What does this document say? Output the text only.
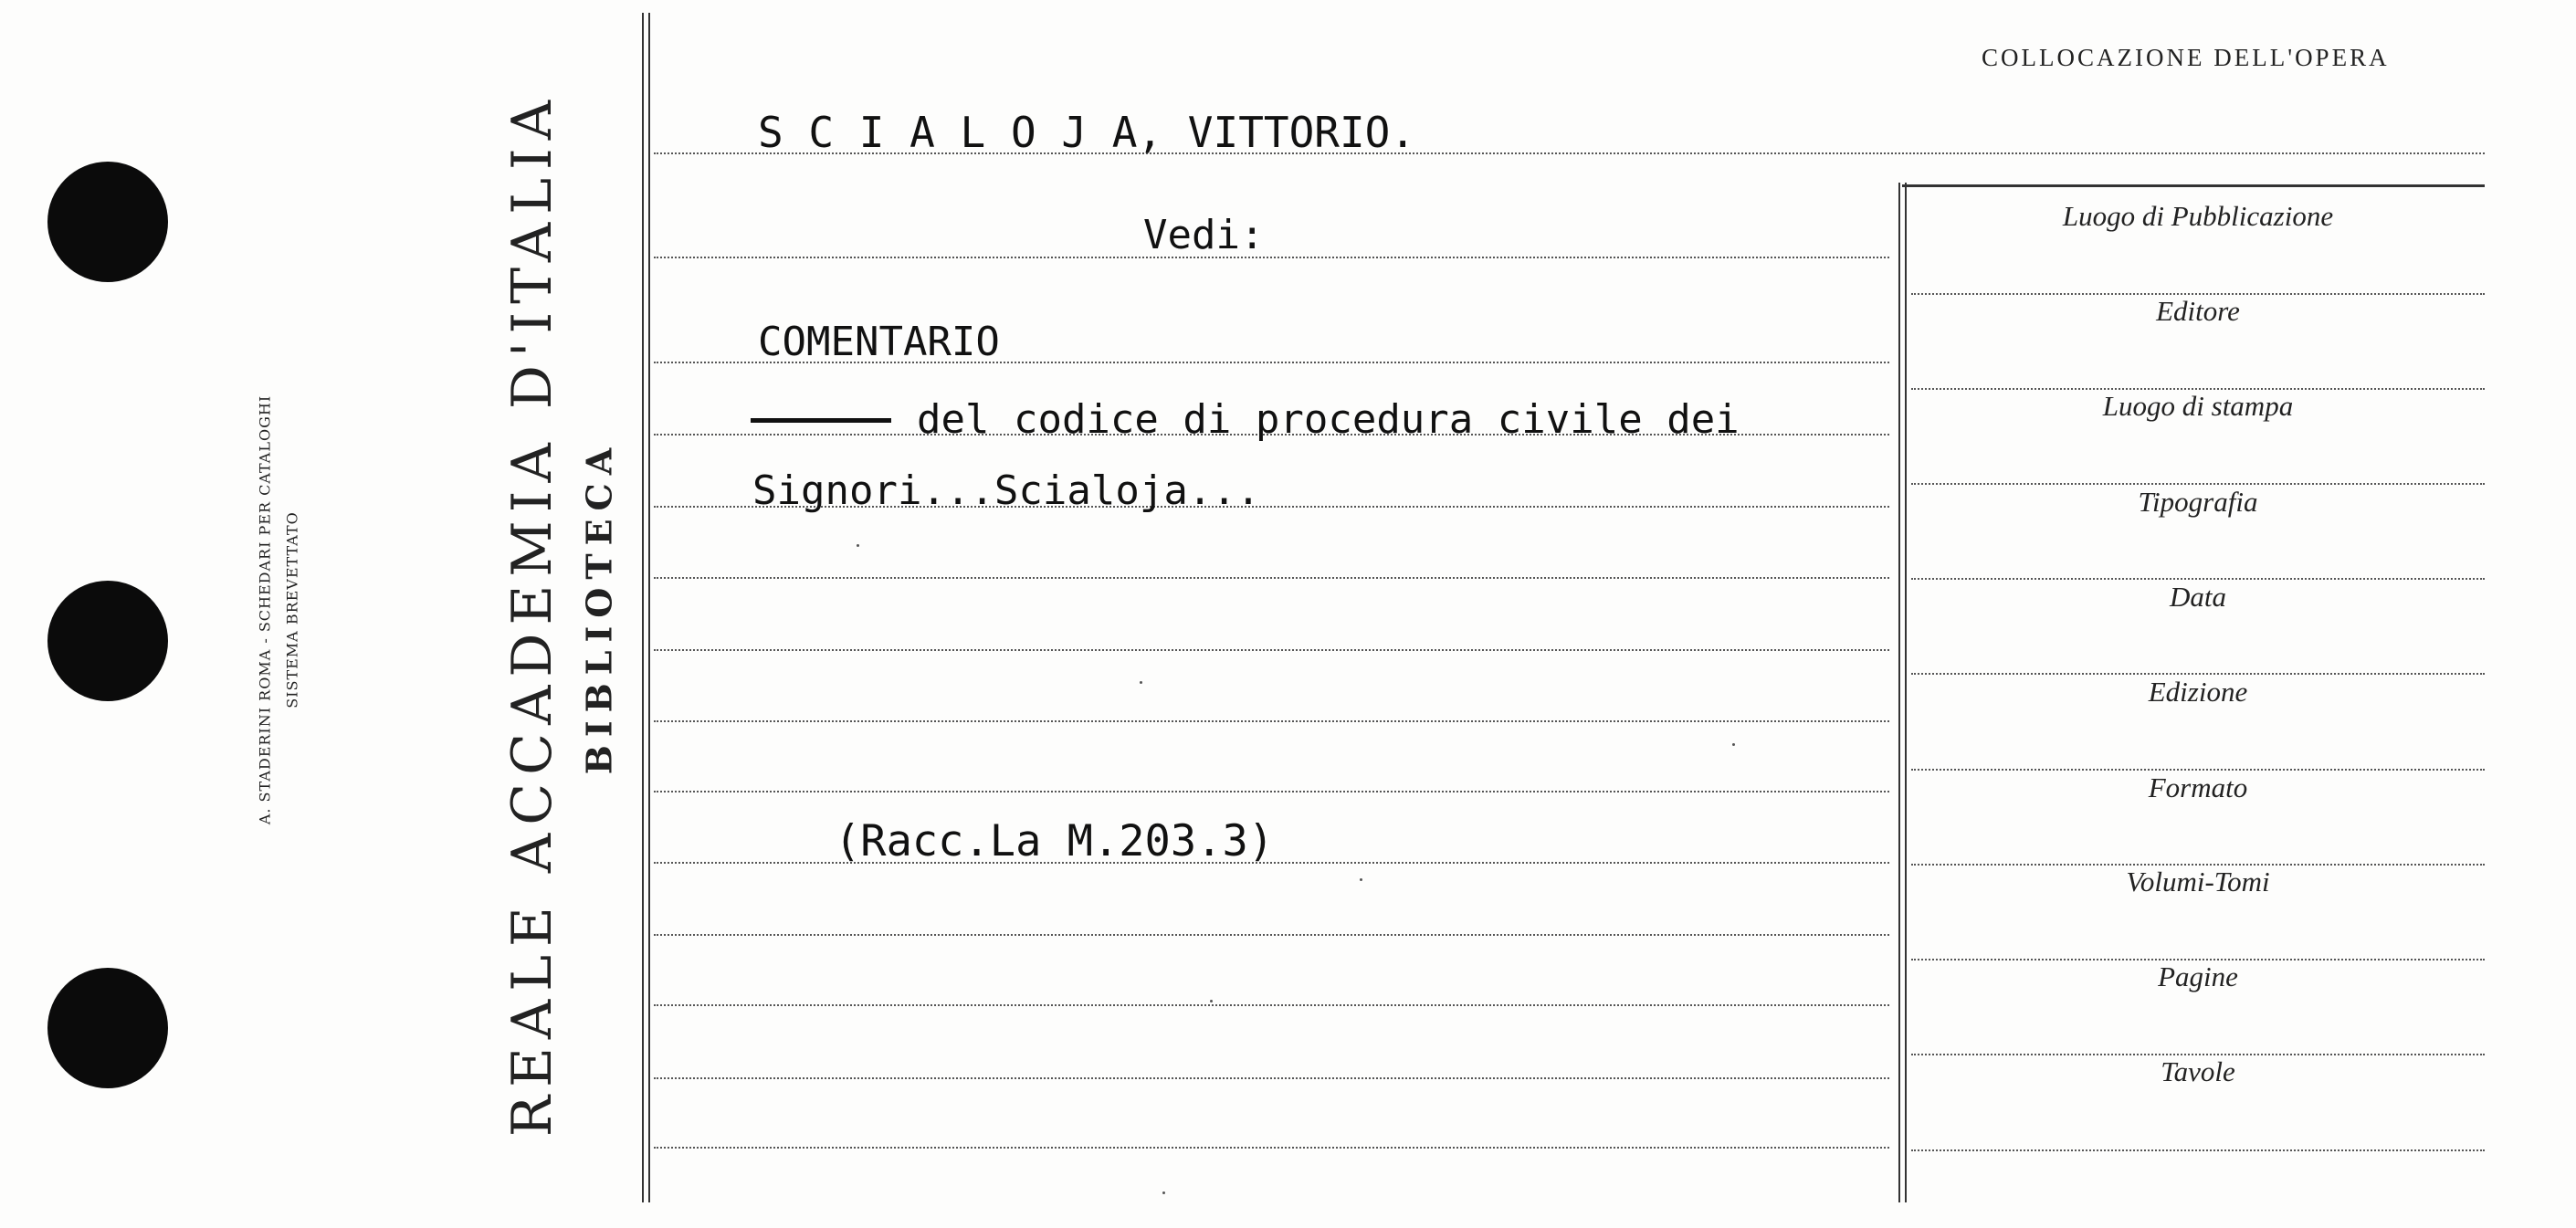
A. STADERINI ROMA - SCHEDARI PER CATALOGHI SISTEMA BREVETTATO	REALE ACCADEMIA D'ITALIA BIBLIOTECA
COLLOCAZIONE DELL'OPERA
S C I A L O J A, VITTORIO.
Vedi:
COMENTARIO
del codice di procedura civile dei
Signori...Scialoja...
(Racc.La M.203.3)
Luogo di Pubblicazione
Editore
Luogo di stampa
Tipografia
Data
Edizione
Formato
Volumi-Tomi
Pagine
Tavole
